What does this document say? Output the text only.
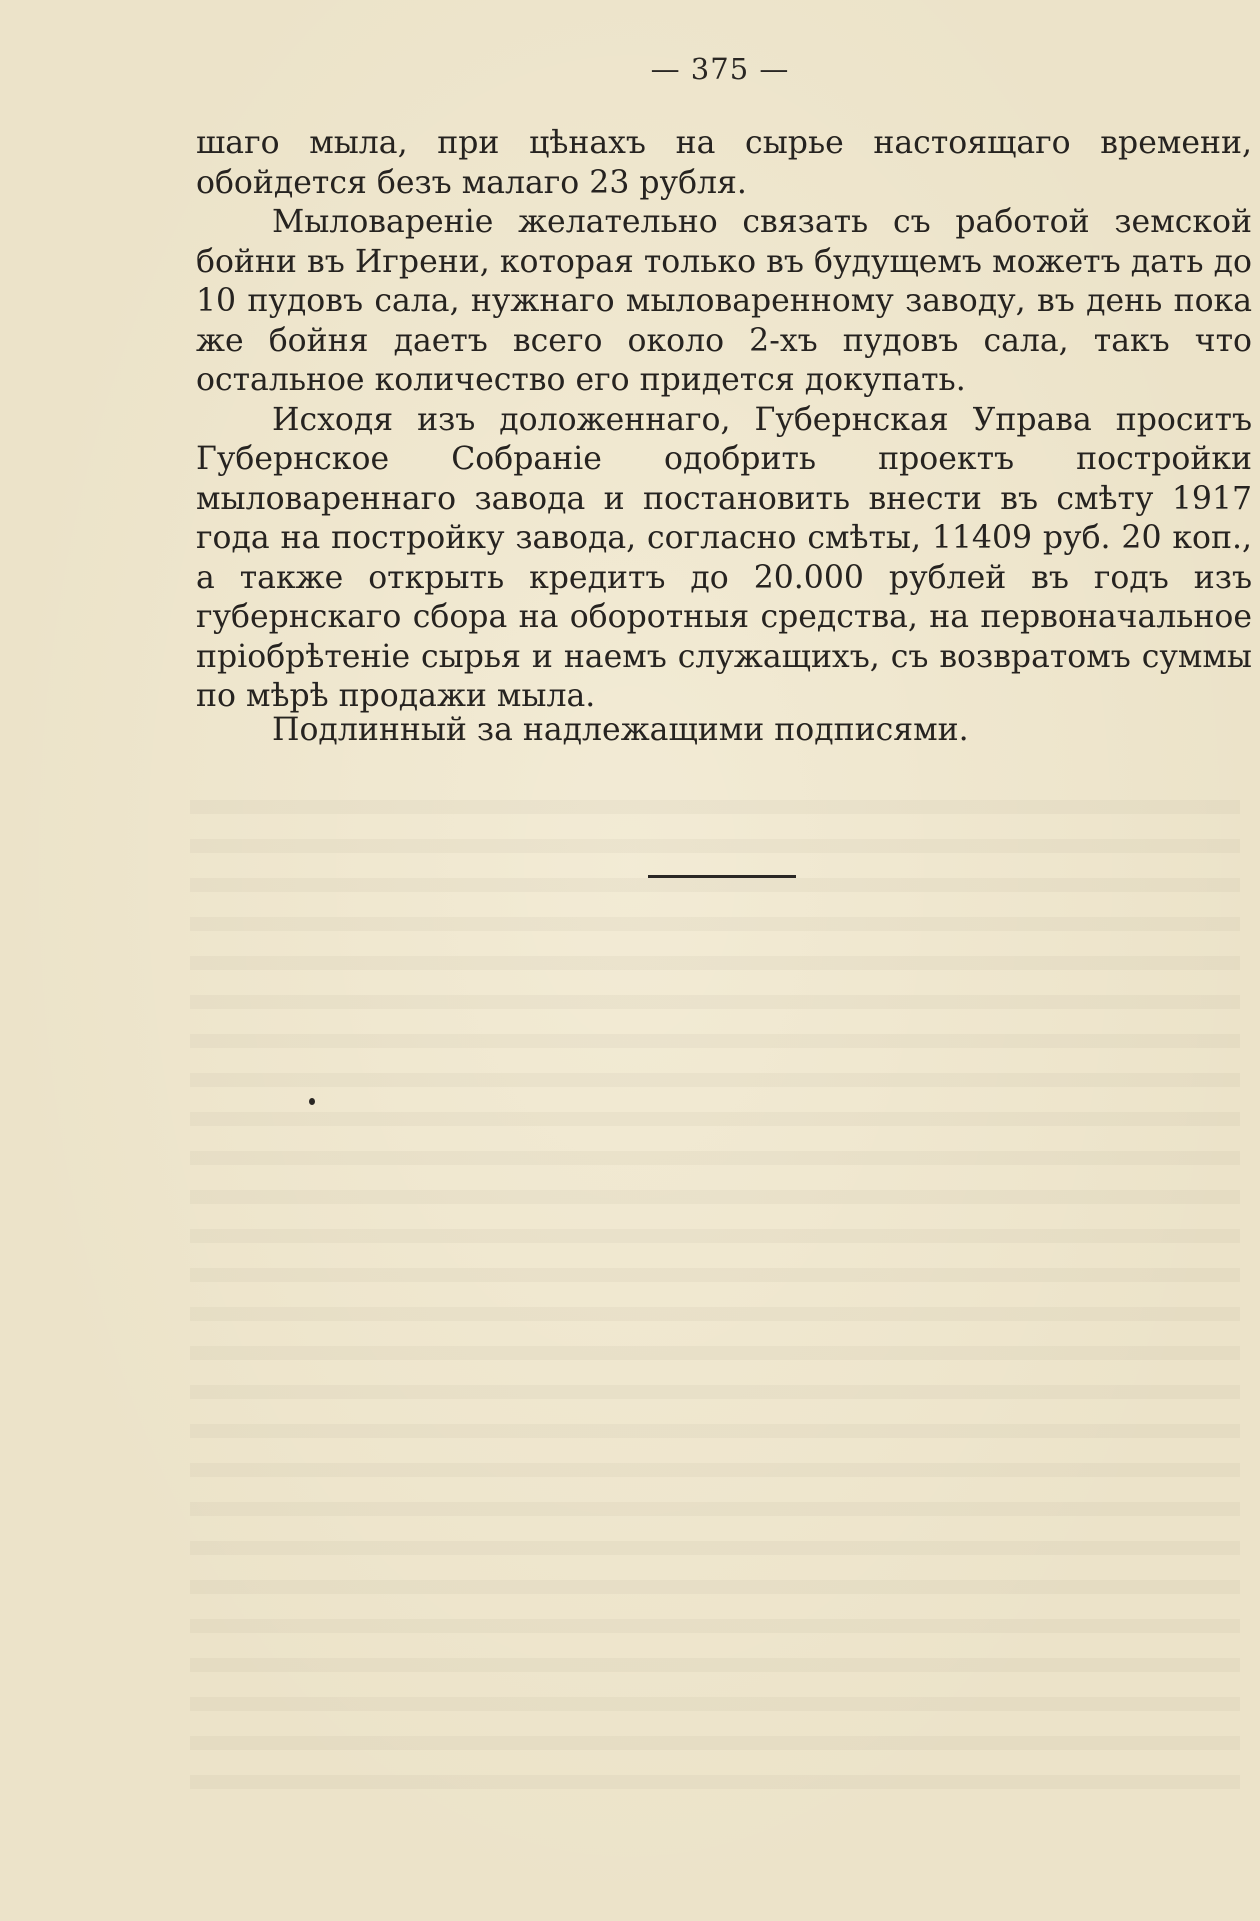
— 375 —

шаго мыла, при цѣнахъ на сырье настоящаго времени, обойдется безъ малаго 23 рубля.

Мыловареніе желательно связать съ работой земской бойни въ Игрени, которая только въ будущемъ можетъ дать до 10 пудовъ сала, нужнаго мыловаренному заводу, въ день пока же бойня даетъ всего около 2-хъ пудовъ сала, такъ что остальное количество его придется докупать.

Исходя изъ доложеннаго, Губернская Управа проситъ Губернское Собраніе одобрить проектъ постройки мыловареннаго завода и постановить внести въ смѣту 1917 года на постройку завода, согласно смѣты, 11409 руб. 20 коп., а также открыть кредитъ до 20.000 рублей въ годъ изъ губернскаго сбора на оборотныя средства, на первоначальное пріобрѣтеніе сырья и наемъ служащихъ, съ возвратомъ суммы по мѣрѣ продажи мыла.

Подлинный за надлежащими подписями.
